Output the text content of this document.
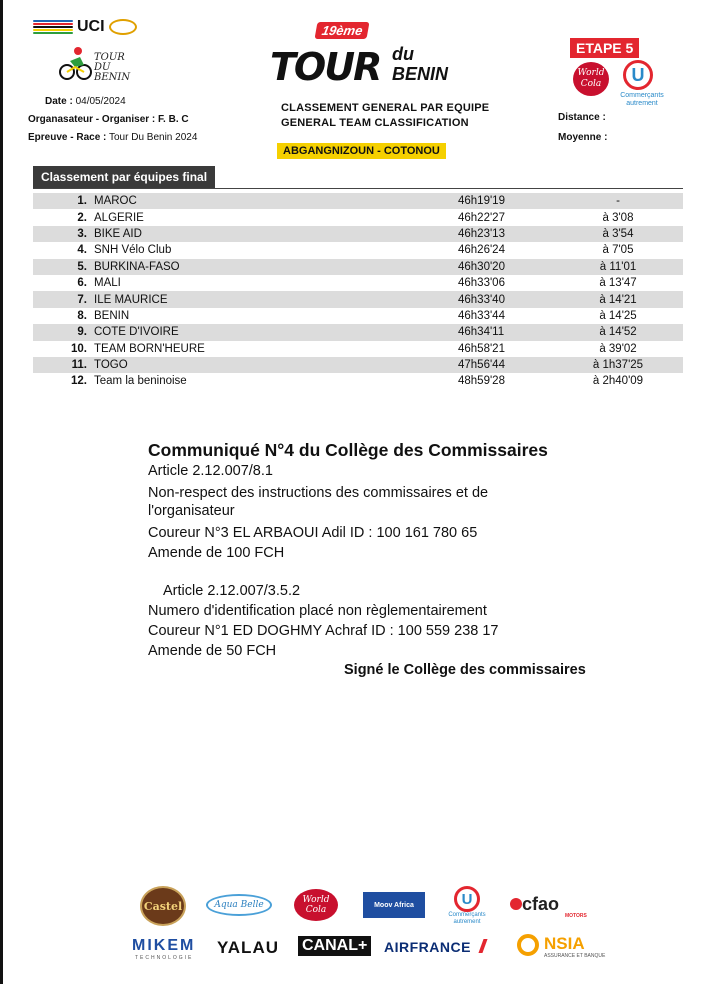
UCI
TOUR DU BENIN
Date : 04/05/2024
Organasateur - Organiser : F. B. C
Epreuve - Race : Tour Du Benin 2024
19ème
TOUR du
BENIN
CLASSEMENT GENERAL PAR EQUIPE
GENERAL TEAM CLASSIFICATION
ABGANGNIZOUN - COTONOU
ETAPE 5
World Cola	U
Commerçants autrement
Distance :
Moyenne :
Classement par équipes final
1. MAROC	46h19'19	-
2. ALGERIE	46h22'27	à 3'08
3. BIKE AID	46h23'13	à 3'54
4. SNH Vélo Club	46h26'24	à 7'05
5. BURKINA-FASO	46h30'20	à 11'01
6. MALI	46h33'06	à 13'47
7. ILE MAURICE	46h33'40	à 14'21
8. BENIN	46h33'44	à 14'25
9. COTE D'IVOIRE	46h34'11	à 14'52
10. TEAM BORN'HEURE	46h58'21	à 39'02
11. TOGO	47h56'44	à 1h37'25
12. Team la beninoise	48h59'28	à 2h40'09
Communiqué N°4 du Collège des Commissaires
Article 2.12.007/8.1
Non-respect des instructions des commissaires et de
l'organisateur
Coureur N°3 EL ARBAOUI Adil ID : 100 161 780 65
Amende de 100 FCH
Article 2.12.007/3.5.2
Numero d'identification placé non règlementairement
Coureur N°1 ED DOGHMY Achraf ID : 100 559 238 17
Amende de 50 FCH
Signé le Collège des commissaires
Castel	Aqua Belle	World Cola	Moov Africa	U
Commerçants autrement
cfao
MOTORS
MIKEM
TECHNOLOGIE
YALAU CANAL+ AIRFRANCE	NSIA
ASSURANCE ET BANQUE
